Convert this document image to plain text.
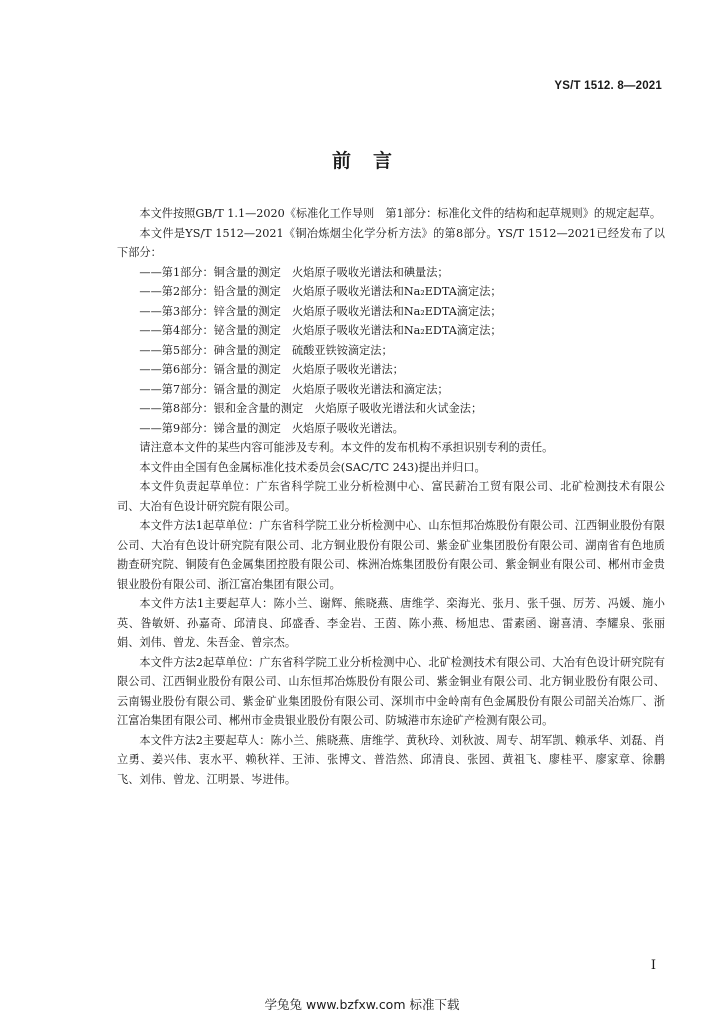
YS/T 1512. 8—2021
前言

本文件按照GB/T 1.1—2020《标准化工作导则　第1部分：标准化文件的结构和起草规则》的规定起草。

本文件是YS/T 1512—2021《铜冶炼烟尘化学分析方法》的第8部分。YS/T 1512—2021已经发布了以下部分：

——第1部分：铜含量的测定　火焰原子吸收光谱法和碘量法；

——第2部分：铅含量的测定　火焰原子吸收光谱法和Na₂EDTA滴定法；

——第3部分：锌含量的测定　火焰原子吸收光谱法和Na₂EDTA滴定法；

——第4部分：铋含量的测定　火焰原子吸收光谱法和Na₂EDTA滴定法；

——第5部分：砷含量的测定　硫酸亚铁铵滴定法；

——第6部分：镉含量的测定　火焰原子吸收光谱法；

——第7部分：镉含量的测定　火焰原子吸收光谱法和滴定法；

——第8部分：银和金含量的测定　火焰原子吸收光谱法和火试金法；

——第9部分：锑含量的测定　火焰原子吸收光谱法。

请注意本文件的某些内容可能涉及专利。本文件的发布机构不承担识别专利的责任。

本文件由全国有色金属标准化技术委员会(SAC/TC 243)提出并归口。

本文件负责起草单位：广东省科学院工业分析检测中心、富民薪冶工贸有限公司、北矿检测技术有限公司、大冶有色设计研究院有限公司。

本文件方法1起草单位：广东省科学院工业分析检测中心、山东恒邦冶炼股份有限公司、江西铜业股份有限公司、大冶有色设计研究院有限公司、北方铜业股份有限公司、紫金矿业集团股份有限公司、湖南省有色地质勘查研究院、铜陵有色金属集团控股有限公司、株洲冶炼集团股份有限公司、紫金铜业有限公司、郴州市金贵银业股份有限公司、浙江富冶集团有限公司。

本文件方法1主要起草人：陈小兰、谢辉、熊晓燕、唐维学、栾海光、张月、张千强、厉芳、冯媛、施小英、昝敏妍、孙嘉奇、邱清良、邱盛香、李金岩、王茵、陈小燕、杨旭忠、雷素函、谢喜清、李耀泉、张丽娟、刘伟、曾龙、朱吾金、曾宗杰。

本文件方法2起草单位：广东省科学院工业分析检测中心、北矿检测技术有限公司、大冶有色设计研究院有限公司、江西铜业股份有限公司、山东恒邦冶炼股份有限公司、紫金铜业有限公司、北方铜业股份有限公司、云南锡业股份有限公司、紫金矿业集团股份有限公司、深圳市中金岭南有色金属股份有限公司韶关冶炼厂、浙江富冶集团有限公司、郴州市金贵银业股份有限公司、防城港市东途矿产检测有限公司。

本文件方法2主要起草人：陈小兰、熊晓燕、唐维学、黄秋玲、刘秋波、周专、胡军凯、赖承华、刘磊、肖立勇、姜兴伟、衷水平、赖秋祥、王沛、张博文、普浩然、邱清良、张园、黄祖飞、廖桂平、廖家章、徐鹏飞、刘伟、曾龙、江明景、岑进伟。

I
学兔兔 www.bzfxw.com 标准下载
